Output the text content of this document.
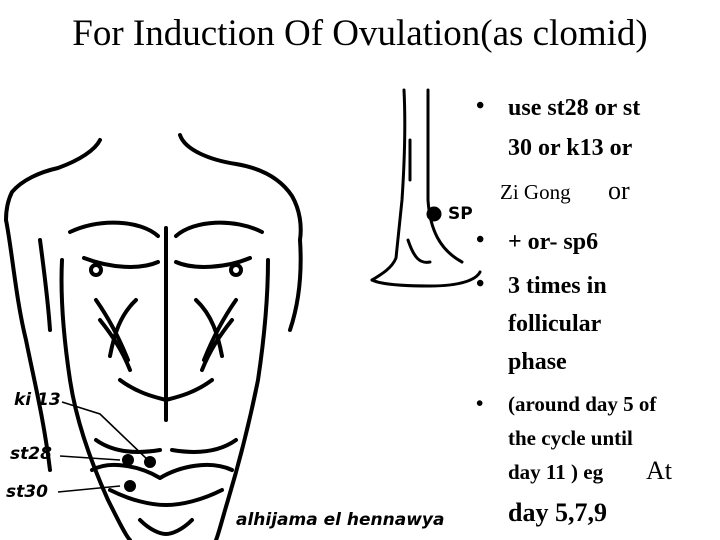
For Induction Of Ovulation(as clomid)
ki 13
st28
st30
SP
alhijama el hennawya
• use st28 or st
30 or k13 or
Zi Gong or
• + or- sp6
• 3 times in
follicular
phase
• (around day 5 of
the cycle until
day 11 ) eg At
day 5,7,9
